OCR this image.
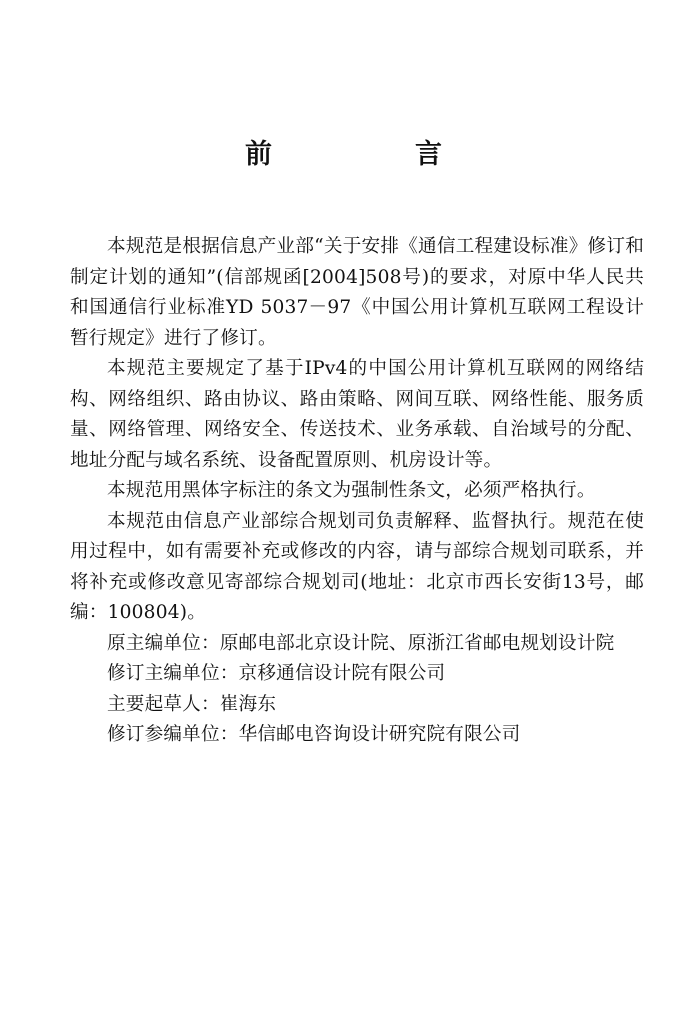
前　言

本规范是根据信息产业部“关于安排《通信工程建设标准》修订和制定计划的通知”(信部规函[2004]508号)的要求，对原中华人民共和国通信行业标准YD 5037－97《中国公用计算机互联网工程设计暂行规定》进行了修订。

本规范主要规定了基于IPv4的中国公用计算机互联网的网络结构、网络组织、路由协议、路由策略、网间互联、网络性能、服务质量、网络管理、网络安全、传送技术、业务承载、自治域号的分配、地址分配与域名系统、设备配置原则、机房设计等。

本规范用黑体字标注的条文为强制性条文，必须严格执行。

本规范由信息产业部综合规划司负责解释、监督执行。规范在使用过程中，如有需要补充或修改的内容，请与部综合规划司联系，并将补充或修改意见寄部综合规划司(地址：北京市西长安街13号，邮编：100804)。

原主编单位：原邮电部北京设计院、原浙江省邮电规划设计院

修订主编单位：京移通信设计院有限公司

主要起草人：崔海东

修订参编单位：华信邮电咨询设计研究院有限公司
